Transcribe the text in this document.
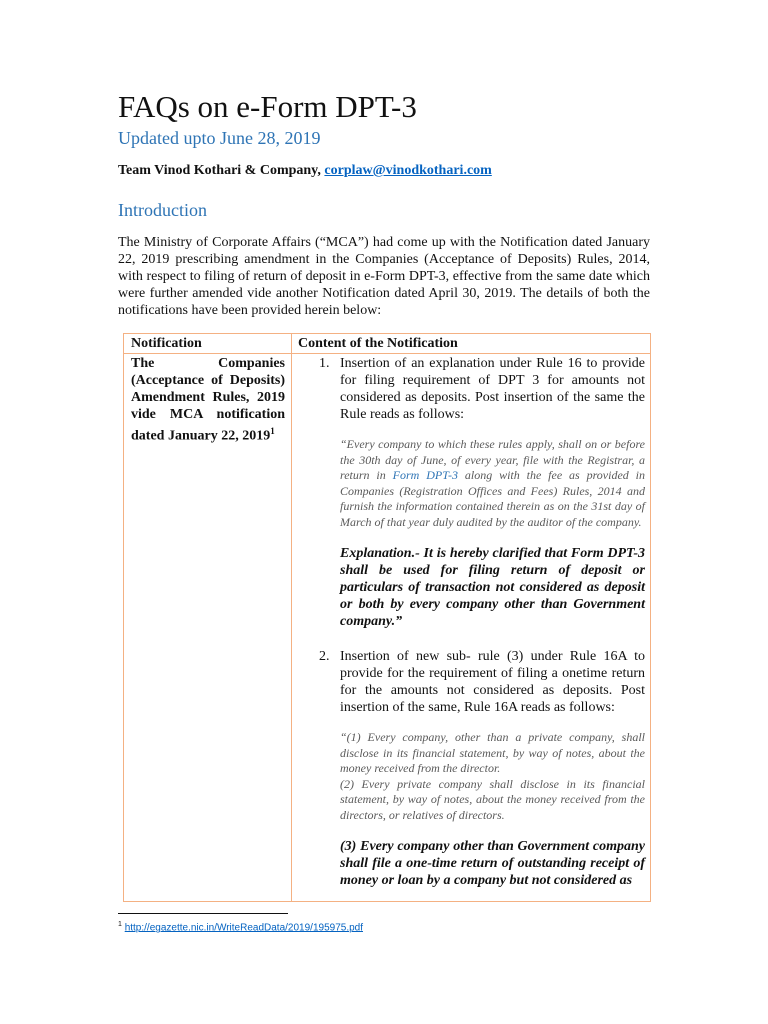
FAQs on e-Form DPT-3
Updated upto June 28, 2019
Team Vinod Kothari & Company, corplaw@vinodkothari.com
Introduction
The Ministry of Corporate Affairs (“MCA”) had come up with the Notification dated January 22, 2019 prescribing amendment in the Companies (Acceptance of Deposits) Rules, 2014, with respect to filing of return of deposit in e-Form DPT-3, effective from the same date which were further amended vide another Notification dated April 30, 2019. The details of both the notifications have been provided herein below:
Notification	Content of the Notification
The Companies (Acceptance of Deposits) Amendment Rules, 2019 vide MCA notification dated January 22, 2019$^1$
1. Insertion of an explanation under Rule 16 to provide for filing requirement of DPT 3 for amounts not considered as deposits. Post insertion of the same the Rule reads as follows:
“Every company to which these rules apply, shall on or before the 30th day of June, of every year, file with the Registrar, a return in Form DPT-3 along with the fee as provided in Companies (Registration Offices and Fees) Rules, 2014 and furnish the information contained therein as on the 31st day of March of that year duly audited by the auditor of the company.
Explanation.- It is hereby clarified that Form DPT-3 shall be used for filing return of deposit or particulars of transaction not considered as deposit or both by every company other than Government company.”
2. Insertion of new sub- rule (3) under Rule 16A to provide for the requirement of filing a onetime return for the amounts not considered as deposits. Post insertion of the same, Rule 16A reads as follows:
“(1) Every company, other than a private company, shall disclose in its financial statement, by way of notes, about the money received from the director.
(2) Every private company shall disclose in its financial statement, by way of notes, about the money received from the directors, or relatives of directors.
(3) Every company other than Government company shall file a one-time return of outstanding receipt of money or loan by a company but not considered as
$^1$ http://egazette.nic.in/WriteReadData/2019/195975.pdf
